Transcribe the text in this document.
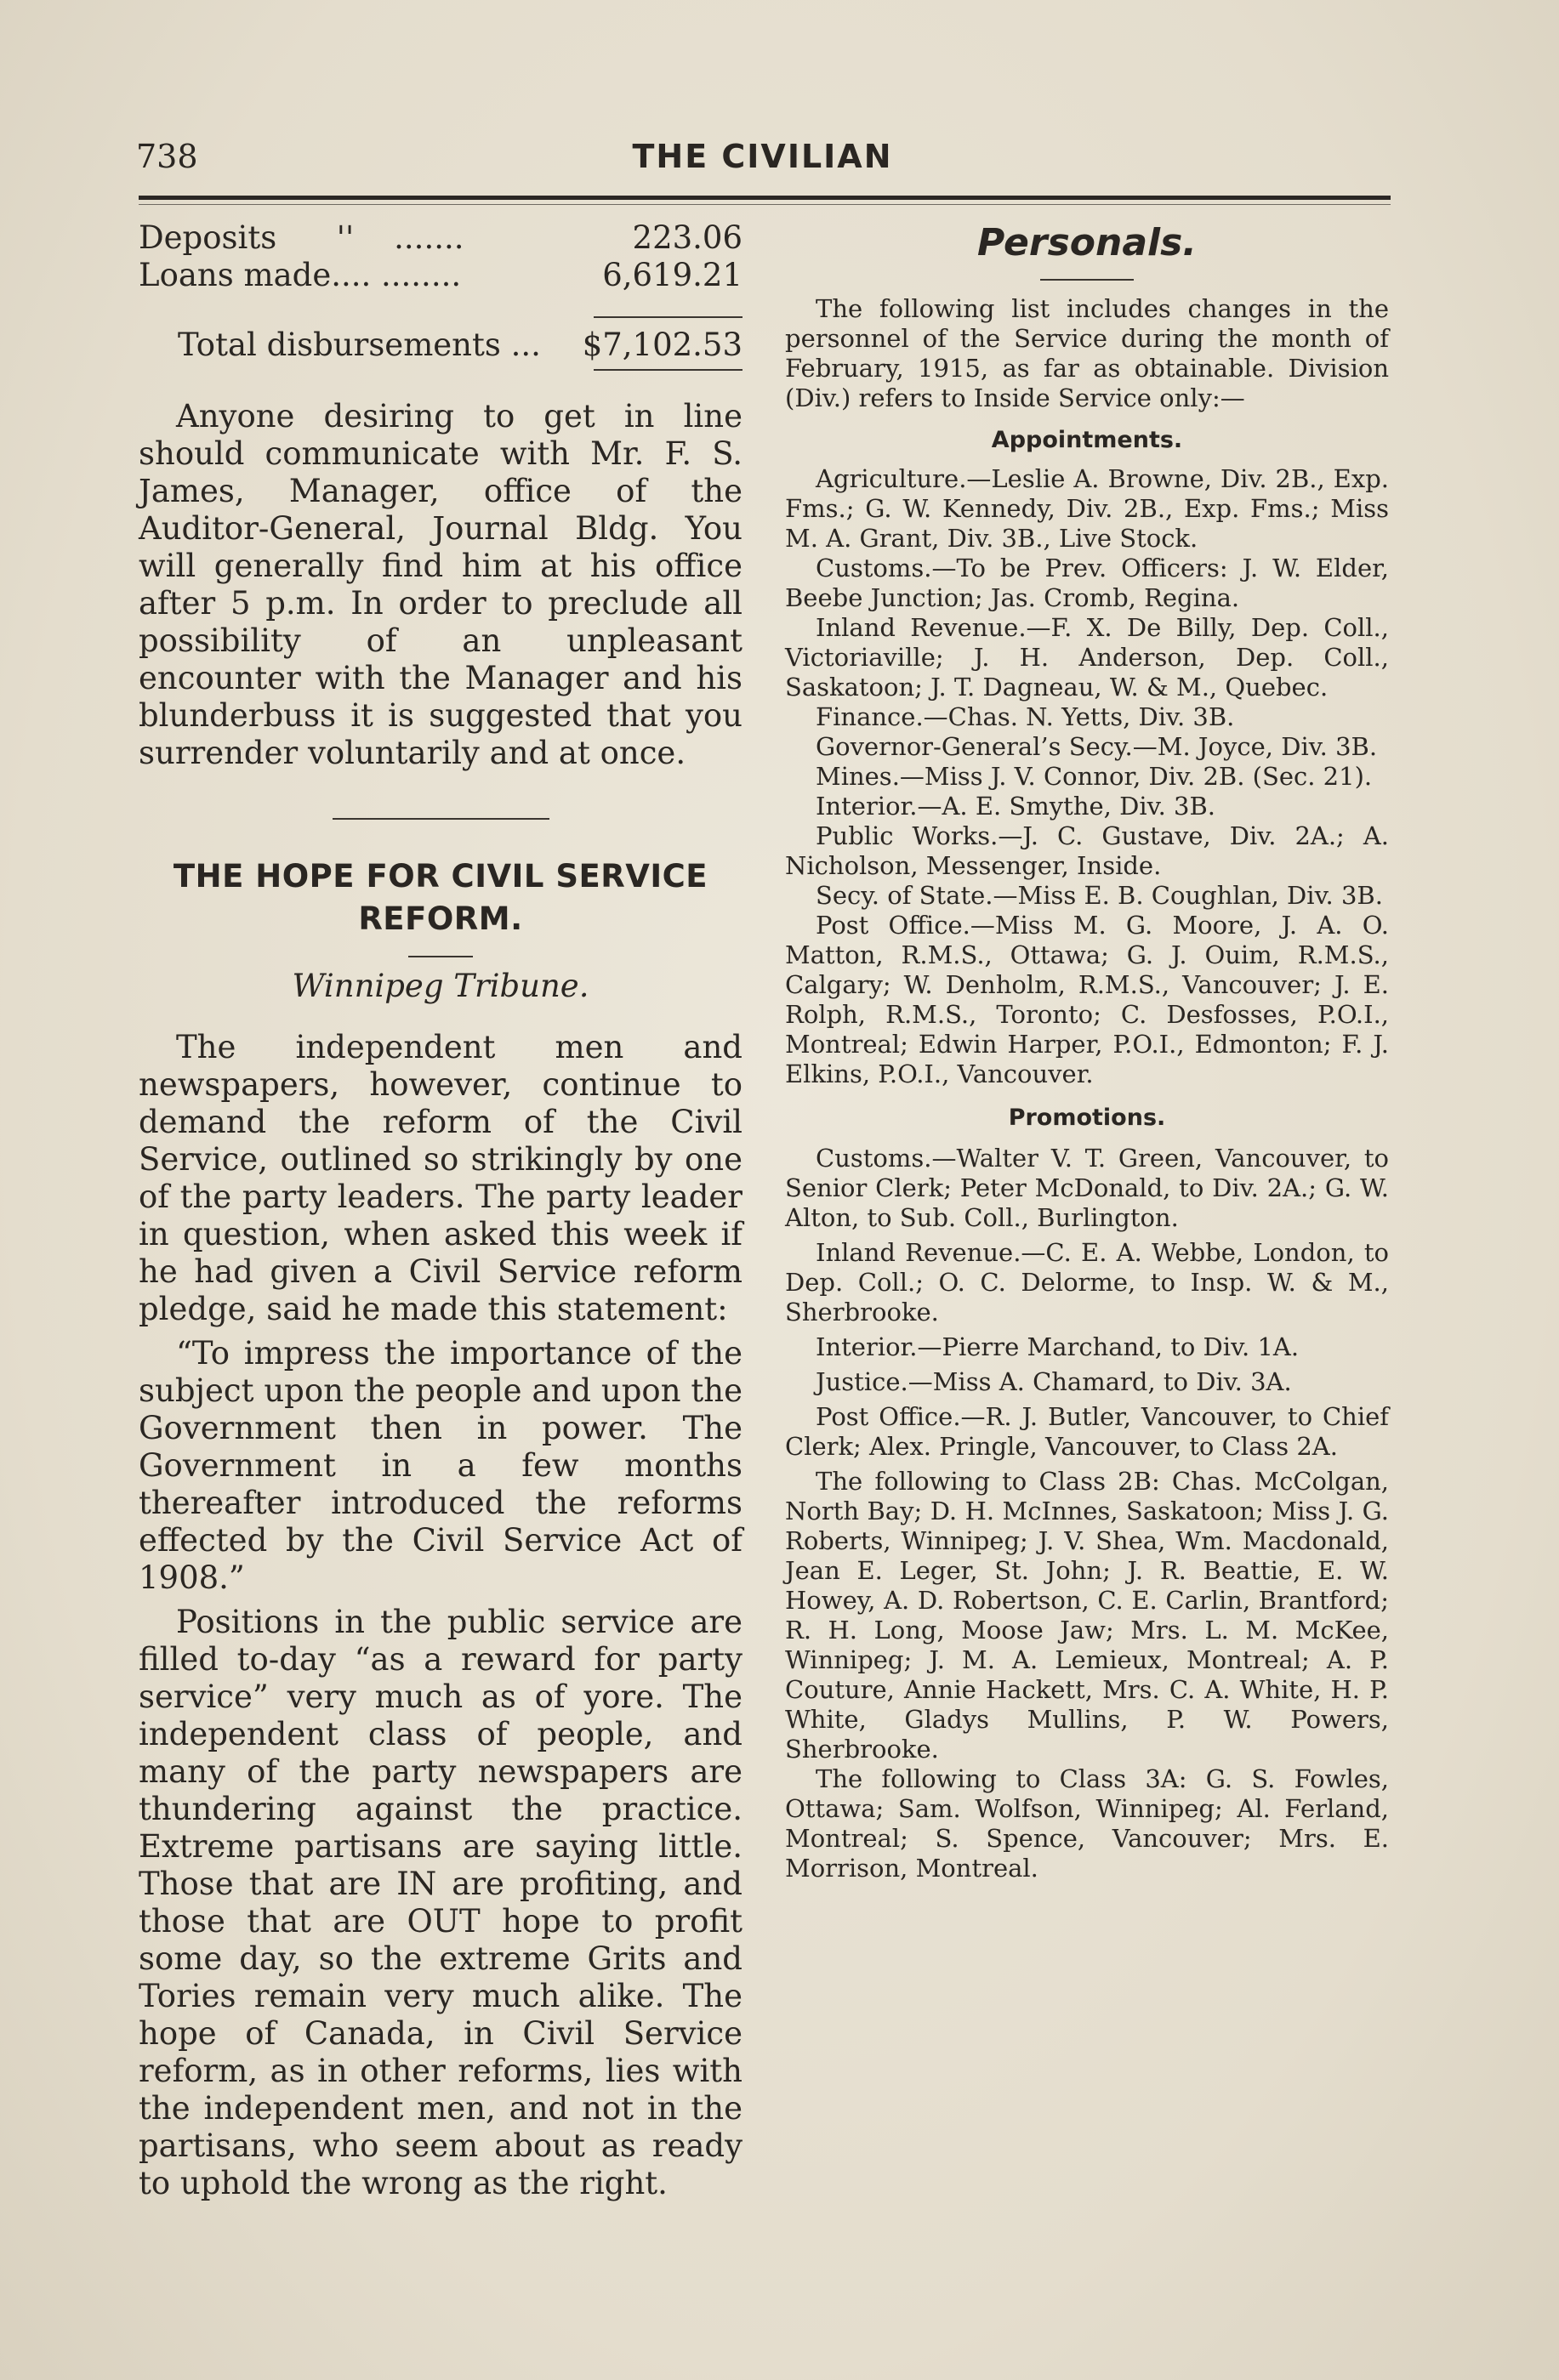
738	THE CIVILIAN
Deposits      ''    .......	223.06
Loans made.... ........	6,619.21
Total disbursements ... $7,102.53

Anyone desiring to get in line should communicate with Mr. F. S. James, Manager, office of the Auditor-General, Journal Bldg. You will generally find him at his office after 5 p.m. In order to preclude all possibility of an unpleasant encounter with the Manager and his blunderbuss it is suggested that you surrender voluntarily and at once.

THE HOPE FOR CIVIL SERVICE REFORM.
Winnipeg Tribune.

The independent men and newspapers, however, continue to demand the reform of the Civil Service, outlined so strikingly by one of the party leaders. The party leader in question, when asked this week if he had given a Civil Service reform pledge, said he made this statement:

“To impress the importance of the subject upon the people and upon the Government then in power. The Government in a few months thereafter introduced the reforms effected by the Civil Service Act of 1908.”

Positions in the public service are filled to-day “as a reward for party service” very much as of yore. The independent class of people, and many of the party newspapers are thundering against the practice. Extreme partisans are saying little. Those that are IN are profiting, and those that are OUT hope to profit some day, so the extreme Grits and Tories remain very much alike. The hope of Canada, in Civil Service reform, as in other reforms, lies with the independent men, and not in the partisans, who seem about as ready to uphold the wrong as the right.

Personals.

The following list includes changes in the personnel of the Service during the month of February, 1915, as far as obtainable. Division (Div.) refers to Inside Service only:—

Appointments.

Agriculture.—Leslie A. Browne, Div. 2B., Exp. Fms.; G. W. Kennedy, Div. 2B., Exp. Fms.; Miss M. A. Grant, Div. 3B., Live Stock.

Customs.—To be Prev. Officers: J. W. Elder, Beebe Junction; Jas. Cromb, Regina.

Inland Revenue.—F. X. De Billy, Dep. Coll., Victoriaville; J. H. Anderson, Dep. Coll., Saskatoon; J. T. Dagneau, W. & M., Quebec.

Finance.—Chas. N. Yetts, Div. 3B.

Governor-General’s Secy.—M. Joyce, Div. 3B.

Mines.—Miss J. V. Connor, Div. 2B. (Sec. 21).

Interior.—A. E. Smythe, Div. 3B.

Public Works.—J. C. Gustave, Div. 2A.; A. Nicholson, Messenger, Inside.

Secy. of State.—Miss E. B. Coughlan, Div. 3B.

Post Office.—Miss M. G. Moore, J. A. O. Matton, R.M.S., Ottawa; G. J. Ouim, R.M.S., Calgary; W. Denholm, R.M.S., Vancouver; J. E. Rolph, R.M.S., Toronto; C. Desfosses, P.O.I., Montreal; Edwin Harper, P.O.I., Edmonton; F. J. Elkins, P.O.I., Vancouver.

Promotions.

Customs.—Walter V. T. Green, Vancouver, to Senior Clerk; Peter McDonald, to Div. 2A.; G. W. Alton, to Sub. Coll., Burlington.

Inland Revenue.—C. E. A. Webbe, London, to Dep. Coll.; O. C. Delorme, to Insp. W. & M., Sherbrooke.

Interior.—Pierre Marchand, to Div. 1A.

Justice.—Miss A. Chamard, to Div. 3A.

Post Office.—R. J. Butler, Vancouver, to Chief Clerk; Alex. Pringle, Vancouver, to Class 2A.

The following to Class 2B: Chas. McColgan, North Bay; D. H. McInnes, Saskatoon; Miss J. G. Roberts, Winnipeg; J. V. Shea, Wm. Macdonald, Jean E. Leger, St. John; J. R. Beattie, E. W. Howey, A. D. Robertson, C. E. Carlin, Brantford; R. H. Long, Moose Jaw; Mrs. L. M. McKee, Winnipeg; J. M. A. Lemieux, Montreal; A. P. Couture, Annie Hackett, Mrs. C. A. White, H. P. White, Gladys Mullins, P. W. Powers, Sherbrooke.

The following to Class 3A: G. S. Fowles, Ottawa; Sam. Wolfson, Winnipeg; Al. Ferland, Montreal; S. Spence, Vancouver; Mrs. E. Morrison, Montreal.
